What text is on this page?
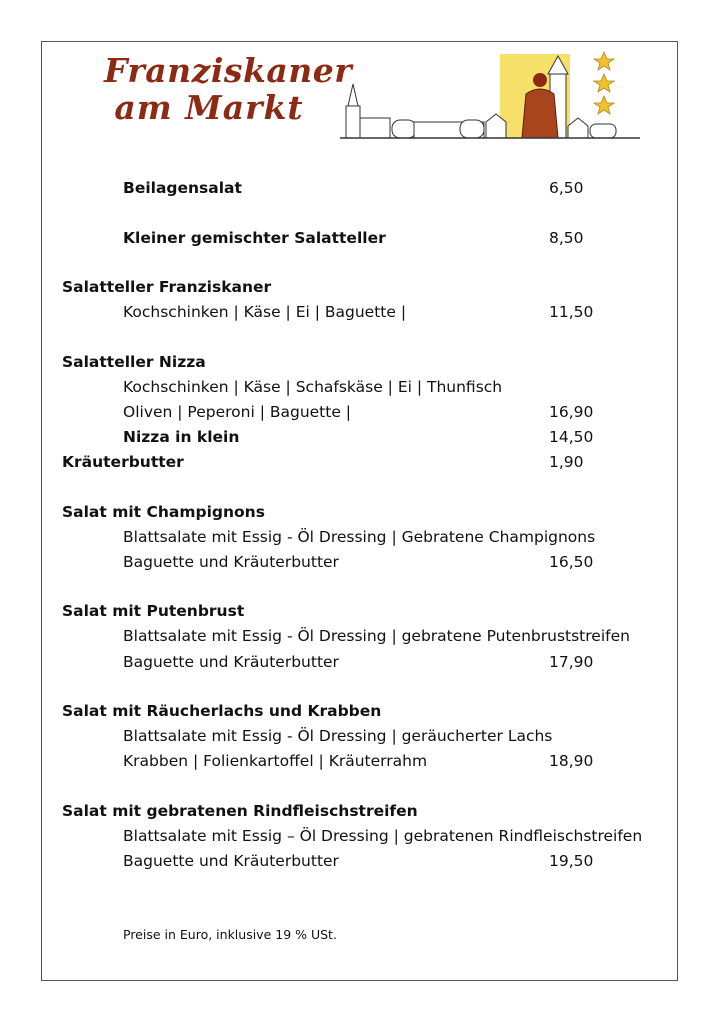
Franziskaner
am Markt
Beilagensalat	6,50
Kleiner gemischter Salatteller	8,50
Salatteller Franziskaner
Kochschinken | Käse | Ei | Baguette |	11,50
Salatteller Nizza
Kochschinken | Käse | Schafskäse | Ei | Thunfisch
Oliven | Peperoni | Baguette |	16,90
Nizza in klein	14,50
Kräuterbutter	1,90
Salat mit Champignons
Blattsalate mit Essig - Öl Dressing | Gebratene Champignons
Baguette und Kräuterbutter	16,50
Salat mit Putenbrust
Blattsalate mit Essig - Öl Dressing | gebratene Putenbruststreifen
Baguette und Kräuterbutter	17,90
Salat mit Räucherlachs und Krabben
Blattsalate mit Essig - Öl Dressing | geräucherter Lachs
Krabben | Folienkartoffel | Kräuterrahm	18,90
Salat mit gebratenen Rindfleischstreifen
Blattsalate mit Essig – Öl Dressing | gebratenen Rindfleischstreifen
Baguette und Kräuterbutter	19,50
Preise in Euro, inklusive 19 % USt.
